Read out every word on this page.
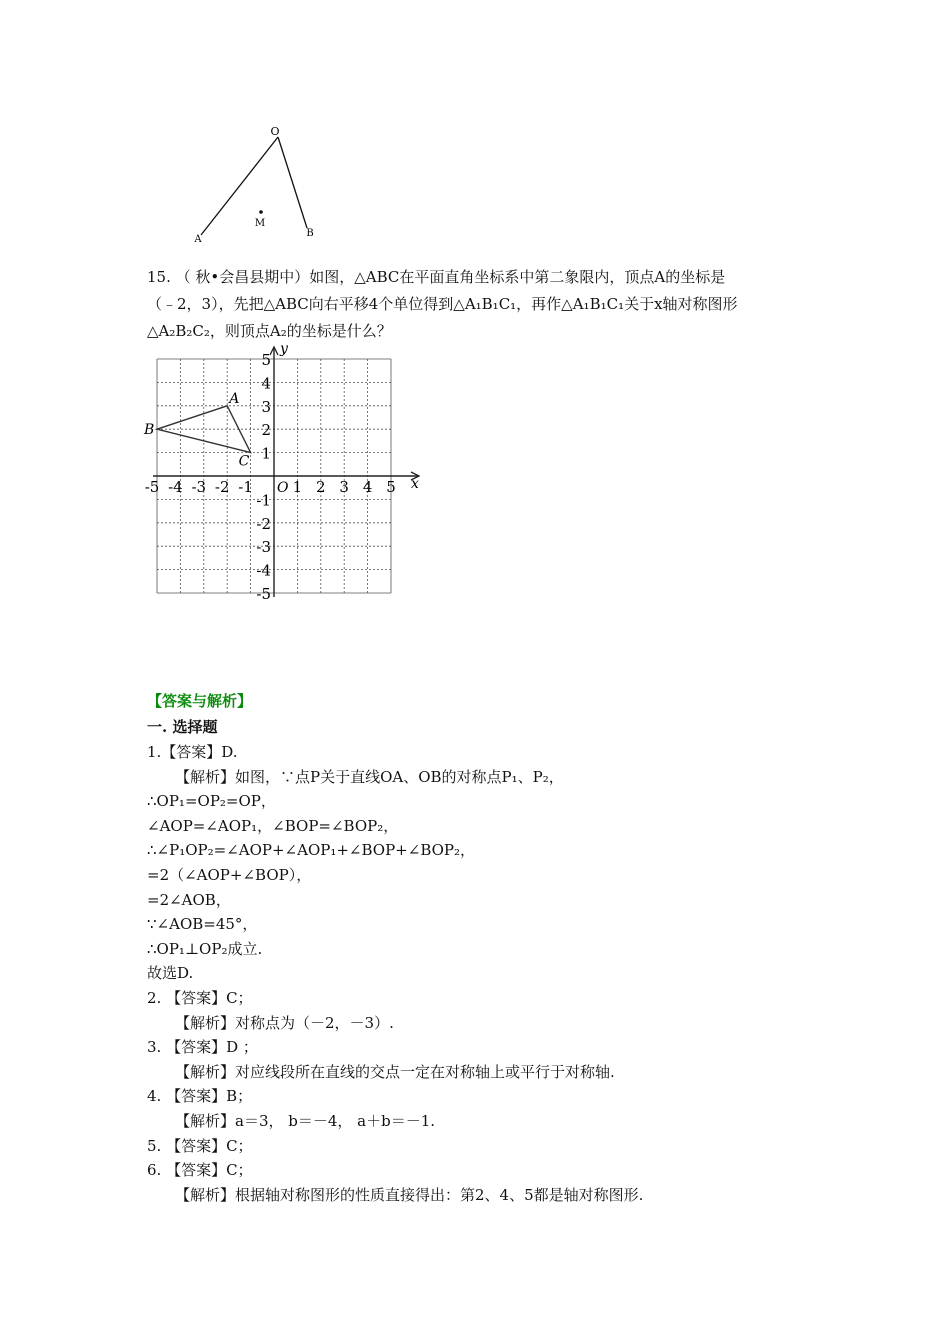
O
A
B
M
15. （ 秋•会昌县期中）如图，△ABC在平面直角坐标系中第二象限内，顶点A的坐标是
（﹣2，3），先把△ABC向右平移4个单位得到△A₁B₁C₁，再作△A₁B₁C₁关于x轴对称图形
△A₂B₂C₂，则顶点A₂的坐标是什么？
-5 -4 -3 -2 -1	1 2 3 4 5
5
4
3
2
1
-1
-2
-3
-4
-5
A
B
C
O	x
y
【答案与解析】
一. 选择题
1.【答案】D.
【解析】如图，∵点P关于直线OA、OB的对称点P₁、P₂，
∴OP₁=OP₂=OP，
∠AOP=∠AOP₁，∠BOP=∠BOP₂，
∴∠P₁OP₂=∠AOP+∠AOP₁+∠BOP+∠BOP₂，
=2（∠AOP+∠BOP），
=2∠AOB，
∵∠AOB=45°，
∴OP₁⊥OP₂成立.
故选D.
2. 【答案】C；
【解析】对称点为（－2，－3）.
3. 【答案】D ；
【解析】对应线段所在直线的交点一定在对称轴上或平行于对称轴.
4. 【答案】B；
【解析】a＝3， b＝－4， a＋b＝－1.
5. 【答案】C；
6. 【答案】C；
【解析】根据轴对称图形的性质直接得出：第2、4、5都是轴对称图形.
